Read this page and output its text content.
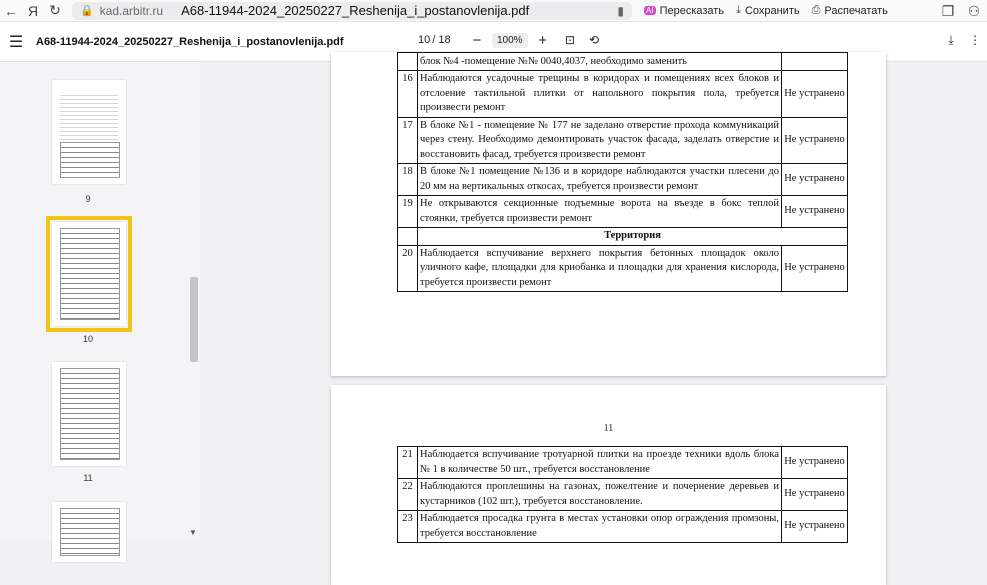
← Я ↻	🔒 kad.arbitr.ru A68-11944-2024_20250227_Reshenija_i_postanovlenija.pdf	▮	AI Пересказать ⤓ Сохранить ⎙ Распечатать	❐ ⚇
☰	A68-11944-2024_20250227_Reshenija_i_postanovlenija.pdf	10 / 18	−	100%	+	⊡	⟲	⤓	⋮
9
10
11
▼
	блок №4 -помещение №№ 0040,4037, необходимо заменить	
16	Наблюдаются усадочные трещины в коридорах и помещениях всех блоков и отслоение тактильной плитки от напольного покрытия пола, требуется произвести ремонт	Не устранено
17	В блоке №1 - помещение № 177 не заделано отверстие прохода коммуникаций через стену. Необходимо демонтировать участок фасада, заделать отверстие и восстановить фасад, требуется произвести ремонт	Не устранено
18	В блоке №1 помещение №136 и в коридоре наблюдаются участки плесени до 20 мм на вертикальных откосах, требуется произвести ремонт	Не устранено
19	Не открываются секционные подъемные ворота на въезде в бокс теплой стоянки, требуется произвести ремонт	Не устранено
	Территория	
20	Наблюдается вспучивание верхнего покрытия бетонных площадок около уличного кафе, площадки для криобанка и площадки для хранения кислорода, требуется произвести ремонт	Не устранено
11
21	Наблюдается вспучивание тротуарной плитки на проезде техники вдоль блока № 1 в количестве 50 шт., требуется восстановление	Не устранено
22	Наблюдаются проплешины на газонах, пожелтение и почернение деревьев и кустарников (102 шт.), требуется восстановление.	Не устранено
23	Наблюдается просадка грунта в местах установки опор ограждения промзоны, требуется восстановление	Не устранено
